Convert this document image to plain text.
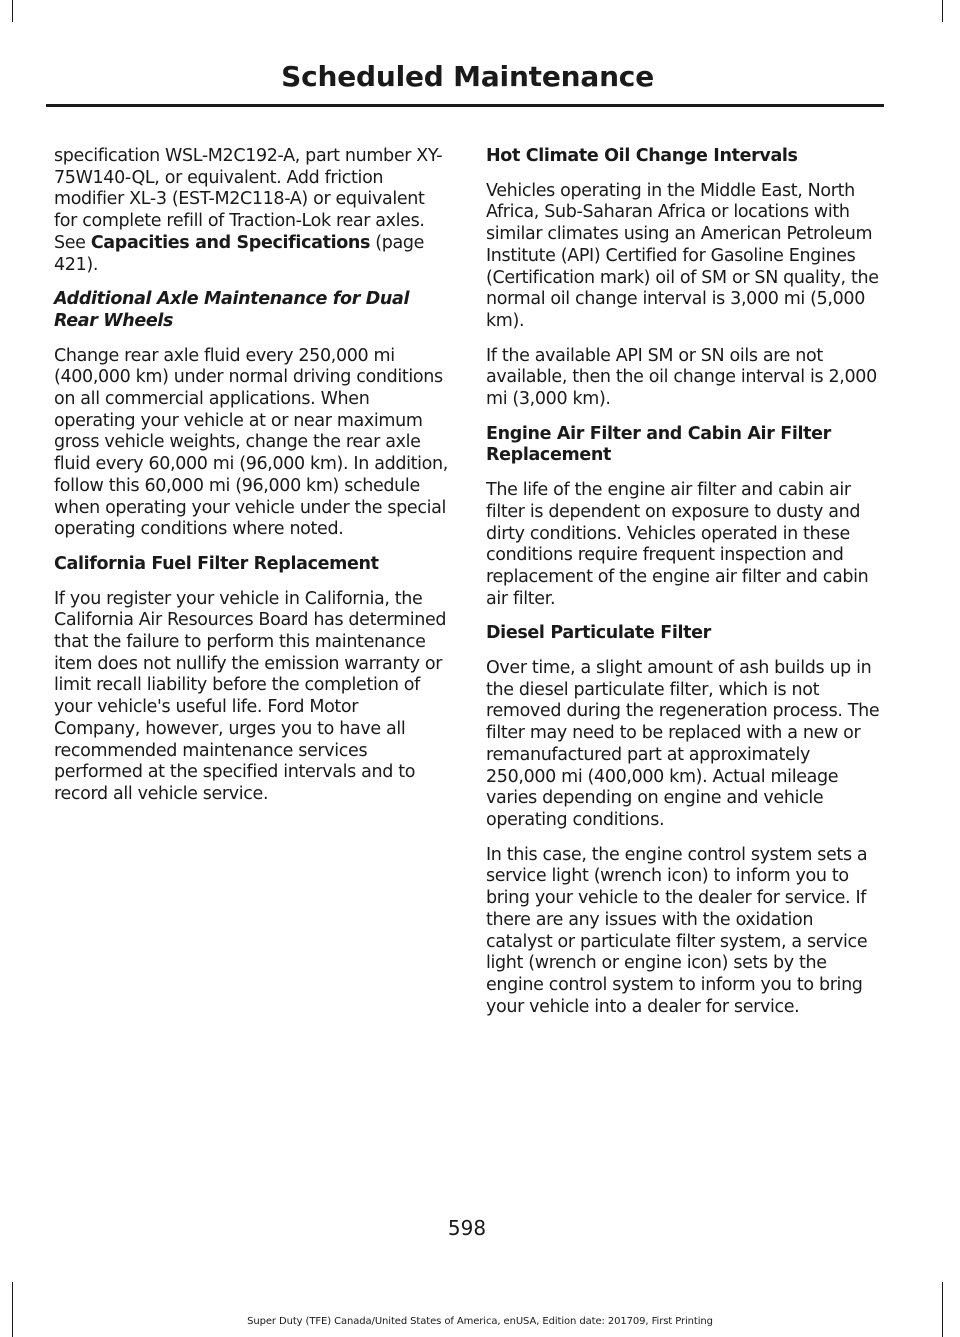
Scheduled Maintenance

specification WSL-M2C192-A, part number XY-75W140-QL, or equivalent. Add friction modifier XL-3 (EST-M2C118-A) or equivalent for complete refill of Traction-Lok rear axles. See Capacities and Specifications (page 421).

Additional Axle Maintenance for Dual Rear Wheels

Change rear axle fluid every 250,000 mi (400,000 km) under normal driving conditions on all commercial applications. When operating your vehicle at or near maximum gross vehicle weights, change the rear axle fluid every 60,000 mi (96,000 km). In addition, follow this 60,000 mi (96,000 km) schedule when operating your vehicle under the special operating conditions where noted.

California Fuel Filter Replacement

If you register your vehicle in California, the California Air Resources Board has determined that the failure to perform this maintenance item does not nullify the emission warranty or limit recall liability before the completion of your vehicle's useful life. Ford Motor Company, however, urges you to have all recommended maintenance services performed at the specified intervals and to record all vehicle service.

Hot Climate Oil Change Intervals

Vehicles operating in the Middle East, North Africa, Sub-Saharan Africa or locations with similar climates using an American Petroleum Institute (API) Certified for Gasoline Engines (Certification mark) oil of SM or SN quality, the normal oil change interval is 3,000 mi (5,000 km).

If the available API SM or SN oils are not available, then the oil change interval is 2,000 mi (3,000 km).

Engine Air Filter and Cabin Air Filter Replacement

The life of the engine air filter and cabin air filter is dependent on exposure to dusty and dirty conditions. Vehicles operated in these conditions require frequent inspection and replacement of the engine air filter and cabin air filter.

Diesel Particulate Filter

Over time, a slight amount of ash builds up in the diesel particulate filter, which is not removed during the regeneration process. The filter may need to be replaced with a new or remanufactured part at approximately 250,000 mi (400,000 km). Actual mileage varies depending on engine and vehicle operating conditions.

In this case, the engine control system sets a service light (wrench icon) to inform you to bring your vehicle to the dealer for service. If there are any issues with the oxidation catalyst or particulate filter system, a service light (wrench or engine icon) sets by the engine control system to inform you to bring your vehicle into a dealer for service.

598
Super Duty (TFE) Canada/United States of America, enUSA, Edition date: 201709, First Printing
